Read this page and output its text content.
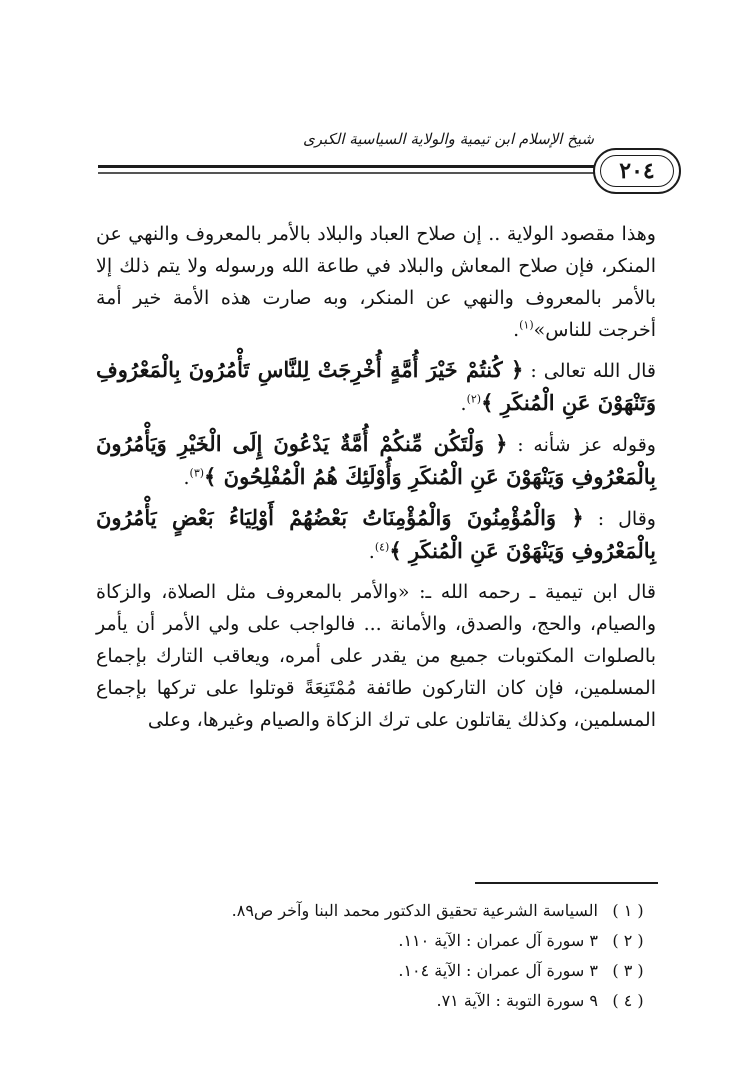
شيخ الإسلام ابن تيمية والولاية السياسية الكبرى
٢٠٤

وهذا مقصود الولاية .. إن صلاح العباد والبلاد بالأمر بالمعروف والنهي عن المنكر، فإن صلاح المعاش والبلاد في طاعة الله ورسوله ولا يتم ذلك إلا بالأمر بالمعروف والنهي عن المنكر، وبه صارت هذه الأمة خير أمة أخرجت للناس»$^{(١)}$.

قال الله تعالى : ﴿ كُنتُمْ خَيْرَ أُمَّةٍ أُخْرِجَتْ لِلنَّاسِ تَأْمُرُونَ بِالْمَعْرُوفِ وَتَنْهَوْنَ عَنِ الْمُنكَرِ ﴾$^{(٢)}$.

وقوله عز شأنه : ﴿ وَلْتَكُن مِّنكُمْ أُمَّةٌ يَدْعُونَ إِلَى الْخَيْرِ وَيَأْمُرُونَ بِالْمَعْرُوفِ وَيَنْهَوْنَ عَنِ الْمُنكَرِ وَأُوْلَئِكَ هُمُ الْمُفْلِحُونَ ﴾$^{(٣)}$.

وقال : ﴿ وَالْمُؤْمِنُونَ وَالْمُؤْمِنَاتُ بَعْضُهُمْ أَوْلِيَاءُ بَعْضٍ يَأْمُرُونَ بِالْمَعْرُوفِ وَيَنْهَوْنَ عَنِ الْمُنكَرِ ﴾$^{(٤)}$.

قال ابن تيمية ـ رحمه الله ـ: «والأمر بالمعروف مثل الصلاة، والزكاة والصيام، والحج، والصدق، والأمانة ... فالواجب على ولي الأمر أن يأمر بالصلوات المكتوبات جميع من يقدر على أمره، ويعاقب التارك بإجماع المسلمين، فإن كان التاركون طائفة مُمْتَنِعَةً قوتلوا على تركها بإجماع المسلمين، وكذلك يقاتلون على ترك الزكاة والصيام وغيرها، وعلى

( ١ )
السياسة الشرعية تحقيق الدكتور محمد البنا وآخر ص٨٩.
( ٢ )
٣ سورة آل عمران : الآية ١١٠.
( ٣ )
٣ سورة آل عمران : الآية ١٠٤.
( ٤ )
٩ سورة التوبة : الآية ٧١.
